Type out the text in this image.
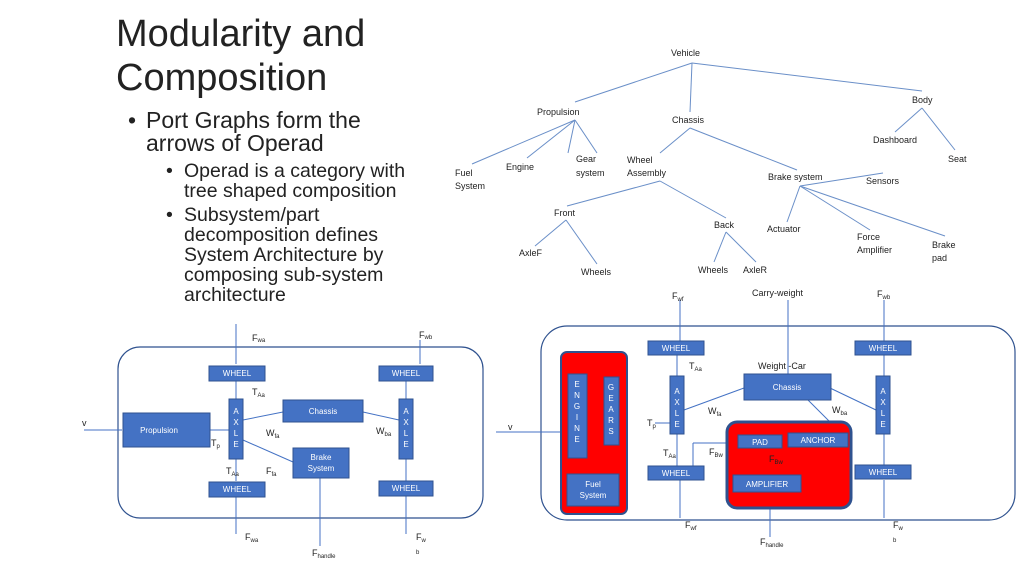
Modularity and
Composition
• Port Graphs form the
arrows of Operad
• Operad is a category with
tree shaped composition
• Subsystem/part
decomposition defines
System Architecture by
composing sub-system
architecture
Vehicle
Propulsion
Chassis
Body
Dashboard
Seat
Fuel
System
Engine
Gear
system
Wheel
Assembly	Brake system	Sensors
Front
Back	Actuator
Force
Amplifier	Brake
pad
AxleF
Wheels	Wheels AxleR
WHEEL	WHEEL
WHEEL	WHEEL
A
X
L
E
A
X
L
E
Propulsion
Chassis
Brake
System
v
Fwa
Fwb
$T_{Aa}$
$T_p$
$W_{fa}$
$W_{ba}$
$T_{Aa}$	$F_{fa}$
$F_{wa}$	$F_w$
b
$F_{handle}$
WHEEL	WHEEL
WHEEL	WHEEL
E
N
G
I
N
E
G
E
A
R
S
A
X
L
E
A
X
L
E
Chassis
PAD	ANCHOR
AMPLIFIER
Fuel
System
v
Carry-weight
Weight -Car
$F_{wf}$
$F_{wb}$
$T_{Aa}$
$T_p$
$W_{fa}$	$W_{ba}$
$T_{Aa}$	$F_{Bw}$	$F_{Bw}$
$F_{wf}$	$F_w$
b
$F_{handle}$
